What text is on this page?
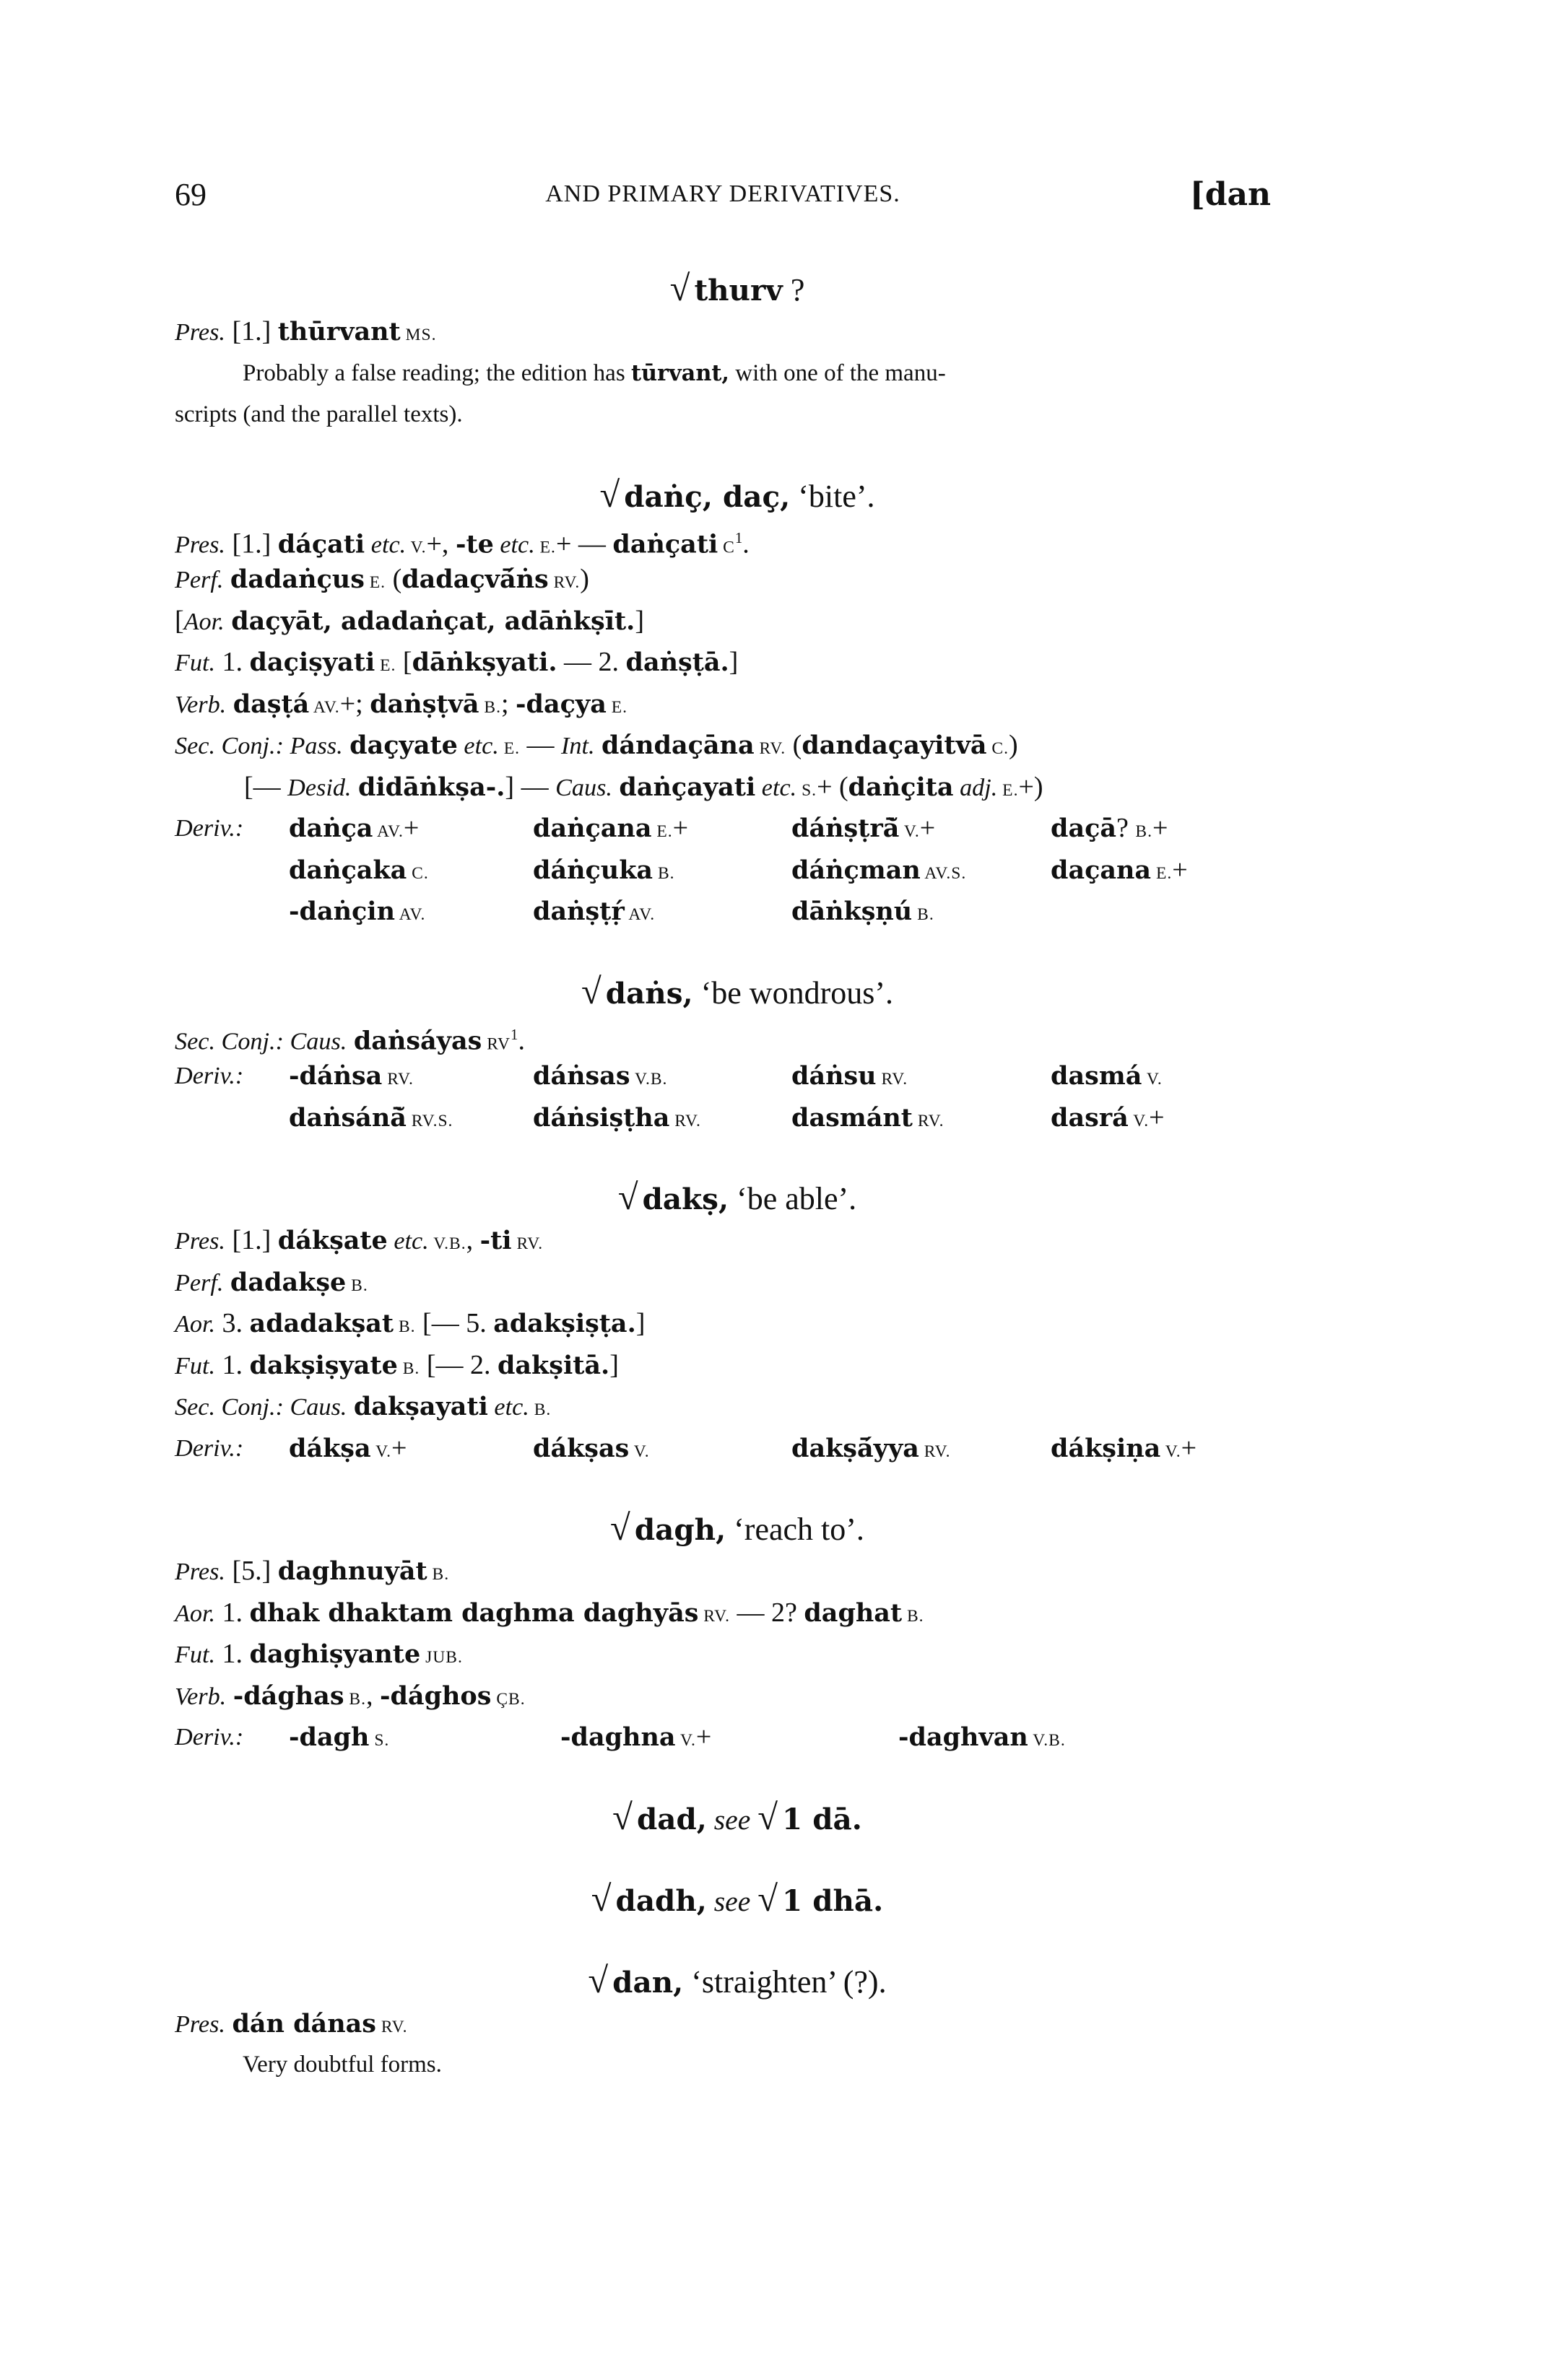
69	AND PRIMARY DERIVATIVES.	[dan
√ thurv ?
Pres. [1.] thūrvant MS.
Probably a false reading; the edition has tūrvant, with one of the manu-
scripts (and the parallel texts).
√ daṅç, daç, ‘bite’.
Pres. [1.] dáçati etc. V.+, -te etc. E.+ — daṅçati $C^1$.
Perf. dadaṅçus E. (dadaçvā́ṅs RV.)
[Aor. daçyāt, adadaṅçat, adāṅkṣīt.]
Fut. 1. daçiṣyati E. [dāṅkṣyati. — 2. daṅṣṭā.]
Verb. daṣṭá AV.+; daṅṣṭvā B.; -daçya E.
Sec. Conj.: Pass. daçyate etc. E. — Int. dándaçāna RV. (dandaçayitvā C.)
[— Desid. didāṅkṣa-.] — Caus. daṅçayati etc. S.+ (daṅçita adj. E.+)
Deriv.: daṅça AV.+	daṅçana E.+	dáṅṣṭrā̆ V.+	daçā? B.+
daṅçaka C.	dáṅçuka B.	dáṅçman AV.S.	daçana E.+
-daṅçin AV.	daṅṣṭṛ́ AV.	dāṅkṣṇú B.
√ daṅs, ‘be wondrous’.
Sec. Conj.: Caus. daṅsáyas $RV^1$.
Deriv.: -dáṅsa RV.	dáṅsas V.B.	dáṅsu RV.	dasmá V.
daṅsánā̆ RV.S.	dáṅsiṣṭha RV.	dasmánt RV.	dasrá V.+
√ dakṣ, ‘be able’.
Pres. [1.] dákṣate etc. V.B., -ti RV.
Perf. dadakṣe B.
Aor. 3. adadakṣat B. [— 5. adakṣiṣṭa.]
Fut. 1. dakṣiṣyate B. [— 2. dakṣitā.]
Sec. Conj.: Caus. dakṣayati etc. B.
Deriv.: dákṣa V.+	dákṣas V.	dakṣā́yya RV.	dákṣiṇa V.+
√ dagh, ‘reach to’.
Pres. [5.] daghnuyāt B.
Aor. 1. dhak dhaktam daghma daghyās RV. — 2? daghat B.
Fut. 1. daghiṣyante JUB.
Verb. -dághas B., -dághos ÇB.
Deriv.: -dagh S.	-daghna V.+	-daghvan V.B.
√ dad, see √ 1 dā.
√ dadh, see √ 1 dhā.
√ dan, ‘straighten’ (?).
Pres. dán dánas RV.
Very doubtful forms.
